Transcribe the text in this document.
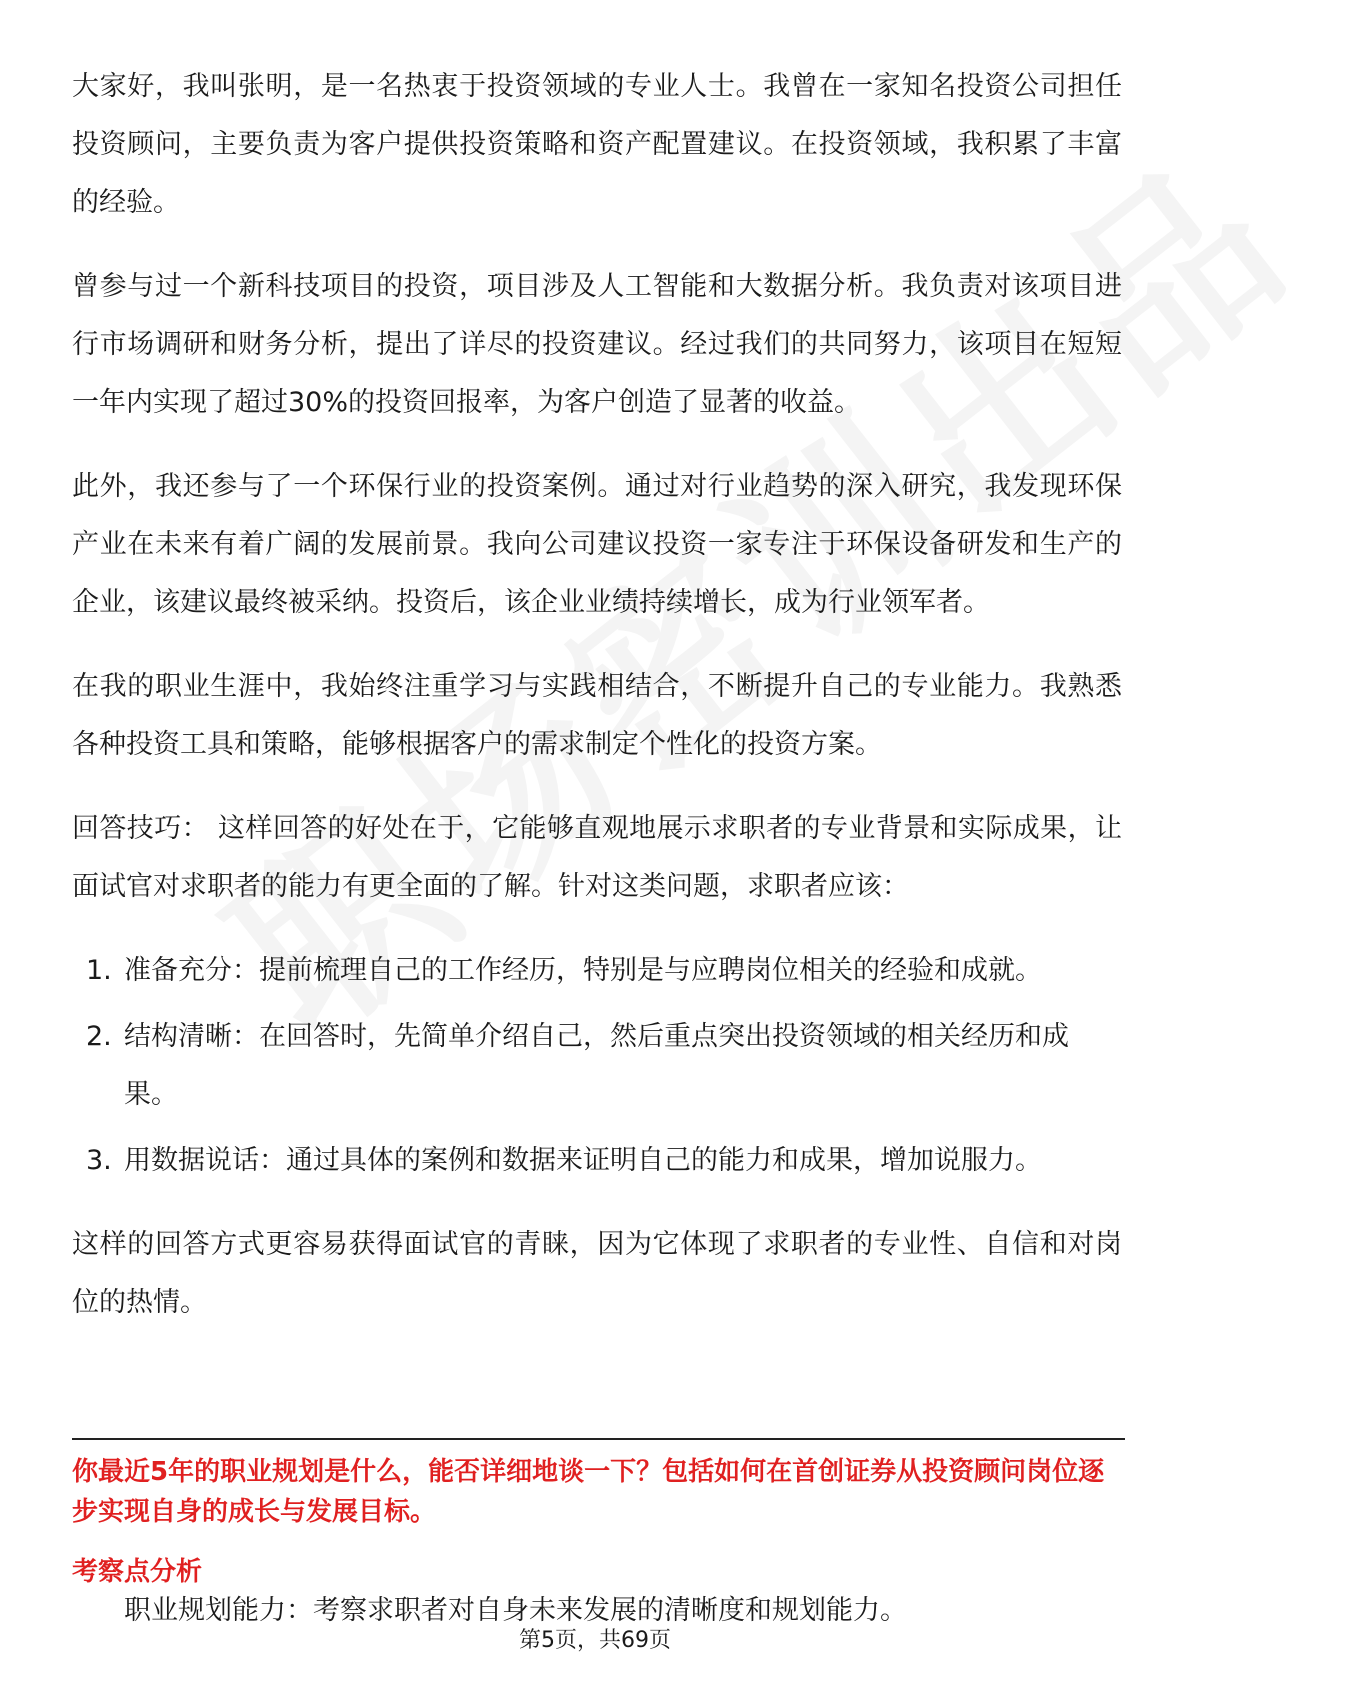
大家好，我叫张明，是一名热衷于投资领域的专业人士。我曾在一家知名投资公司担任投资顾问，主要负责为客户提供投资策略和资产配置建议。在投资领域，我积累了丰富的经验。

曾参与过一个新科技项目的投资，项目涉及人工智能和大数据分析。我负责对该项目进行市场调研和财务分析，提出了详尽的投资建议。经过我们的共同努力，该项目在短短一年内实现了超过30%的投资回报率，为客户创造了显著的收益。

此外，我还参与了一个环保行业的投资案例。通过对行业趋势的深入研究，我发现环保产业在未来有着广阔的发展前景。我向公司建议投资一家专注于环保设备研发和生产的企业，该建议最终被采纳。投资后，该企业业绩持续增长，成为行业领军者。

在我的职业生涯中，我始终注重学习与实践相结合，不断提升自己的专业能力。我熟悉各种投资工具和策略，能够根据客户的需求制定个性化的投资方案。

回答技巧： 这样回答的好处在于，它能够直观地展示求职者的专业背景和实际成果，让面试官对求职者的能力有更全面的了解。针对这类问题，求职者应该：

1. 准备充分：提前梳理自己的工作经历，特别是与应聘岗位相关的经验和成就。
2. 结构清晰：在回答时，先简单介绍自己，然后重点突出投资领域的相关经历和成果。
3. 用数据说话：通过具体的案例和数据来证明自己的能力和成果，增加说服力。

这样的回答方式更容易获得面试官的青睐，因为它体现了求职者的专业性、自信和对岗位的热情。

你最近5年的职业规划是什么，能否详细地谈一下？包括如何在首创证券从投资顾问岗位逐步实现自身的成长与发展目标。
考察点分析
职业规划能力：考察求职者对自身未来发展的清晰度和规划能力。
第5页，共69页
